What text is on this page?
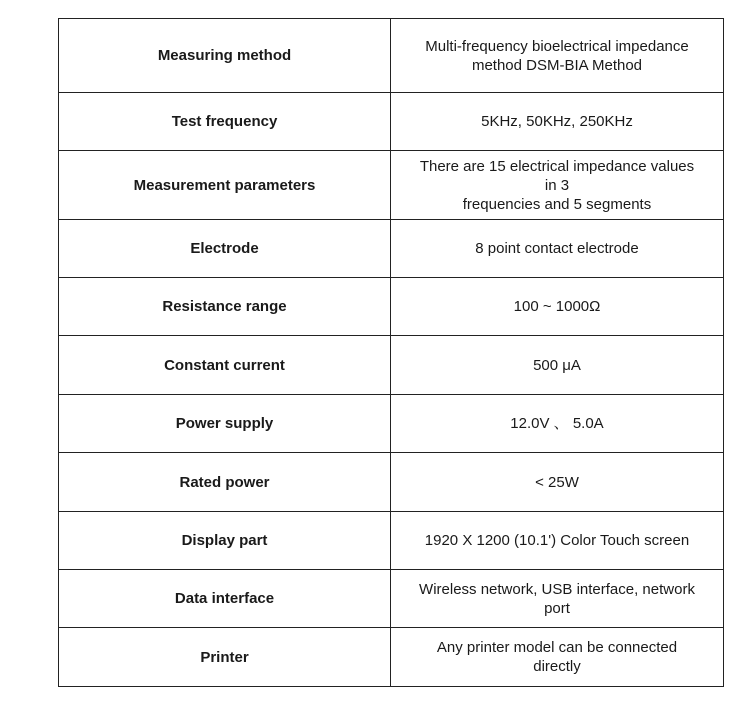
Measuring method	Multi-frequency bioelectrical impedance
method DSM-BIA Method

Test frequency	5KHz, 50KHz, 250KHz

Measurement parameters	There are 15 electrical impedance values
in 3
frequencies and 5 segments

Electrode	8 point contact electrode

Resistance range	100 ~ 1000Ω

Constant current	500 μA

Power supply	12.0V 、 5.0A

Rated power	< 25W

Display part	1920 X 1200 (10.1') Color Touch screen

Data interface	Wireless network, USB interface, network
port

Printer	Any printer model can be connected
directly
